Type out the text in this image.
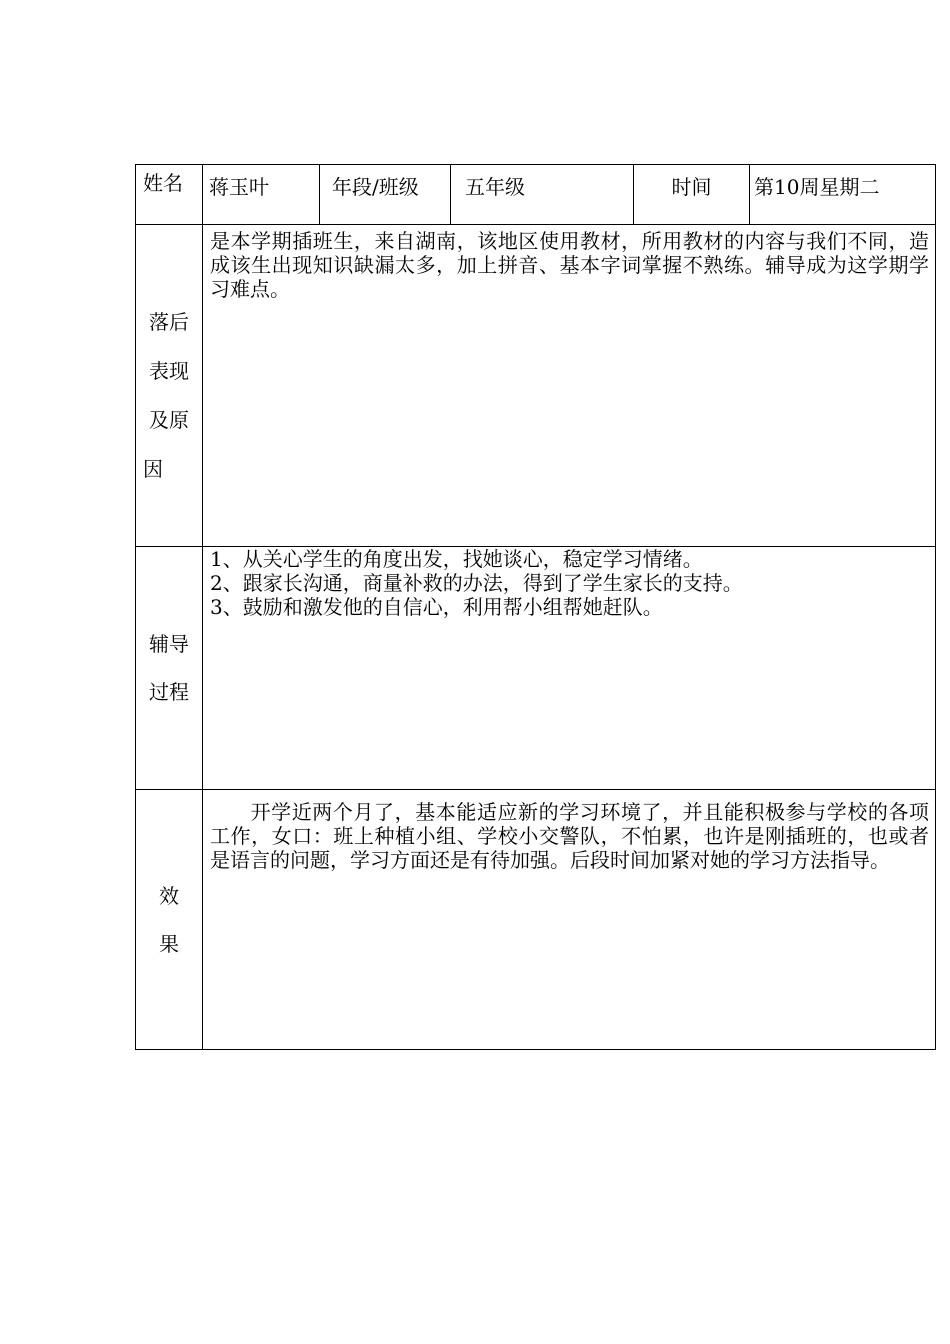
姓名	蒋玉叶	年段/班级	五年级	时间	第10周星期二

落后
表现
及原
因	是本学期插班生，来自湖南，该地区使用教材，所用教材的内容与我们不同，造成该生出现知识缺漏太多，加上拼音、基本字词掌握不熟练。辅导成为这学期学习难点。				

辅导
过程	1、从关心学生的角度出发，找她谈心，稳定学习情绪。
2、跟家长沟通，商量补救的办法，得到了学生家长的支持。
3、鼓励和激发他的自信心，利用帮小组帮她赶队。				

效
果	开学近两个月了，基本能适应新的学习环境了，并且能积极参与学校的各项工作，女口：班上种植小组、学校小交警队，不怕累，也许是刚插班的，也或者是语言的问题，学习方面还是有待加强。后段时间加紧对她的学习方法指导。				
